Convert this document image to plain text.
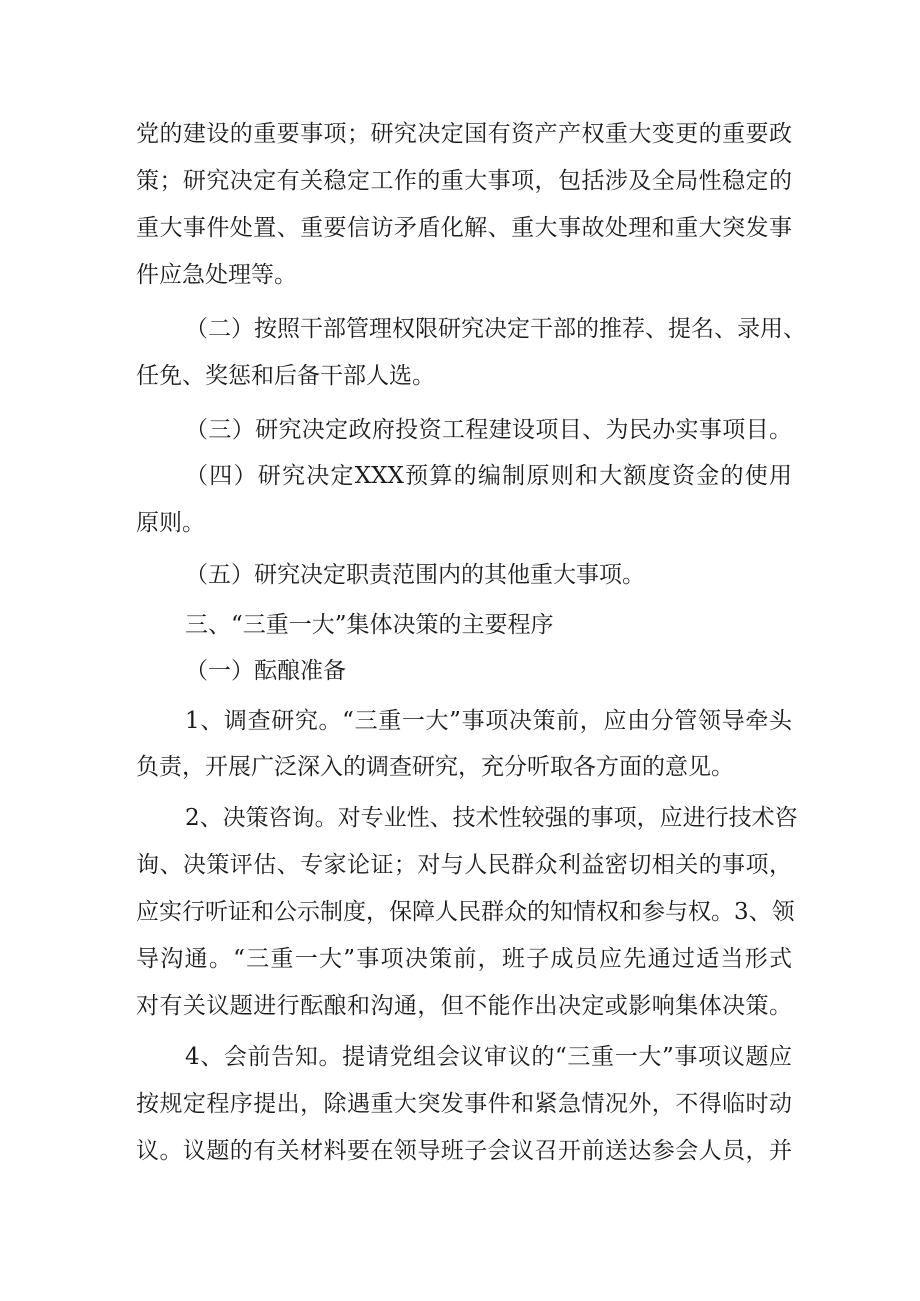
党的建设的重要事项；研究决定国有资产产权重大变更的重要政
策；研究决定有关稳定工作的重大事项，包括涉及全局性稳定的
重大事件处置、重要信访矛盾化解、重大事故处理和重大突发事
件应急处理等。
（二）按照干部管理权限研究决定干部的推荐、提名、录用、
任免、奖惩和后备干部人选。
（三）研究决定政府投资工程建设项目、为民办实事项目。
（四）研究决定XXX预算的编制原则和大额度资金的使用
原则。
（五）研究决定职责范围内的其他重大事项。
三、“三重一大”集体决策的主要程序
（一）酝酿准备
1、调查研究。“三重一大”事项决策前，应由分管领导牵头
负责，开展广泛深入的调查研究，充分听取各方面的意见。
2、决策咨询。对专业性、技术性较强的事项，应进行技术咨
询、决策评估、专家论证；对与人民群众利益密切相关的事项，
应实行听证和公示制度，保障人民群众的知情权和参与权。3、领
导沟通。“三重一大”事项决策前，班子成员应先通过适当形式
对有关议题进行酝酿和沟通，但不能作出决定或影响集体决策。
4、会前告知。提请党组会议审议的“三重一大”事项议题应
按规定程序提出，除遇重大突发事件和紧急情况外，不得临时动
议。议题的有关材料要在领导班子会议召开前送达参会人员，并
